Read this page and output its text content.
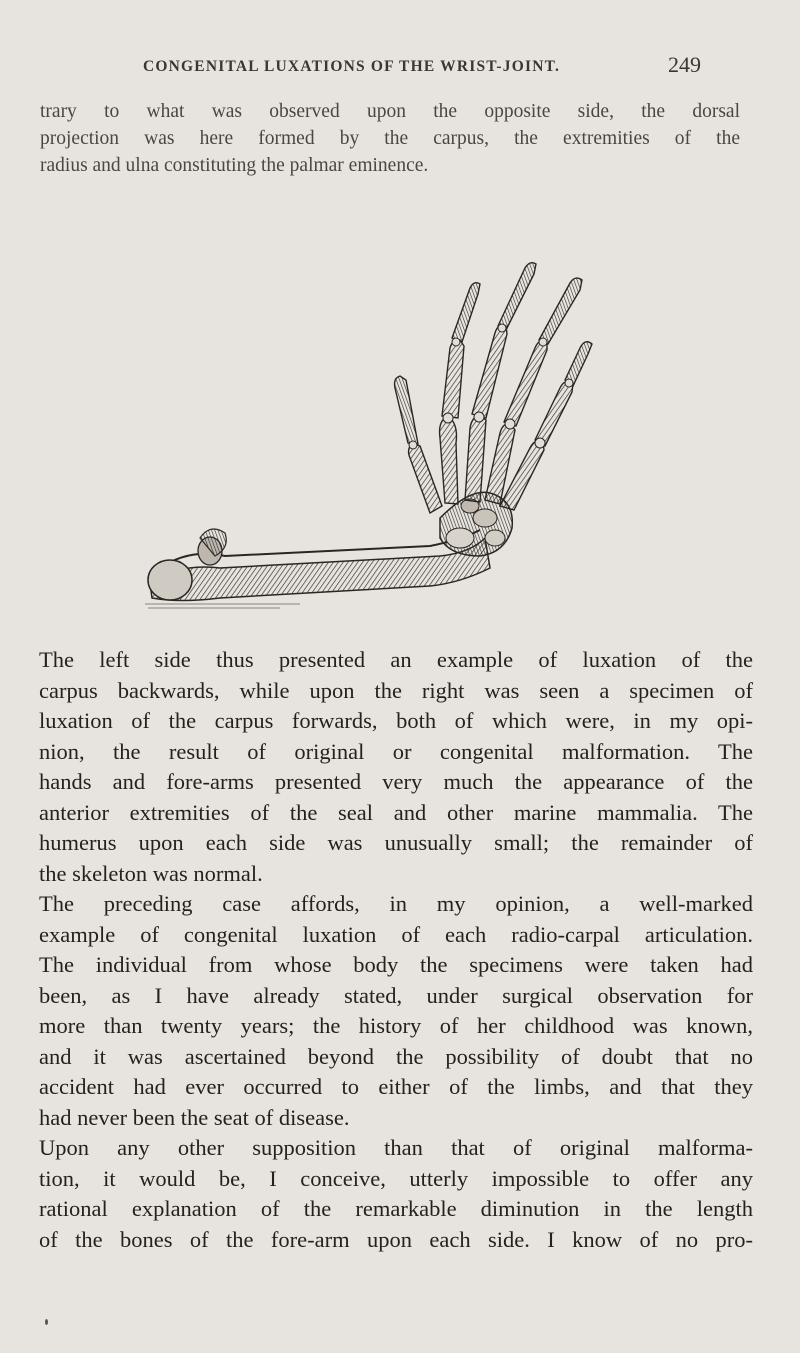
CONGENITAL LUXATIONS OF THE WRIST-JOINT.	249
trary to what was observed upon the opposite side, the dorsal
projection was here formed by the carpus, the extremities of the
radius and ulna constituting the palmar eminence.
The left side thus presented an example of luxation of the
carpus backwards, while upon the right was seen a specimen of
luxation of the carpus forwards, both of which were, in my opi-
nion, the result of original or congenital malformation. The
hands and fore-arms presented very much the appearance of the
anterior extremities of the seal and other marine mammalia. The
humerus upon each side was unusually small; the remainder of
the skeleton was normal.
The preceding case affords, in my opinion, a well-marked
example of congenital luxation of each radio-carpal articulation.
The individual from whose body the specimens were taken had
been, as I have already stated, under surgical observation for
more than twenty years; the history of her childhood was known,
and it was ascertained beyond the possibility of doubt that no
accident had ever occurred to either of the limbs, and that they
had never been the seat of disease.
Upon any other supposition than that of original malforma-
tion, it would be, I conceive, utterly impossible to offer any
rational explanation of the remarkable diminution in the length
of the bones of the fore-arm upon each side. I know of no pro-
